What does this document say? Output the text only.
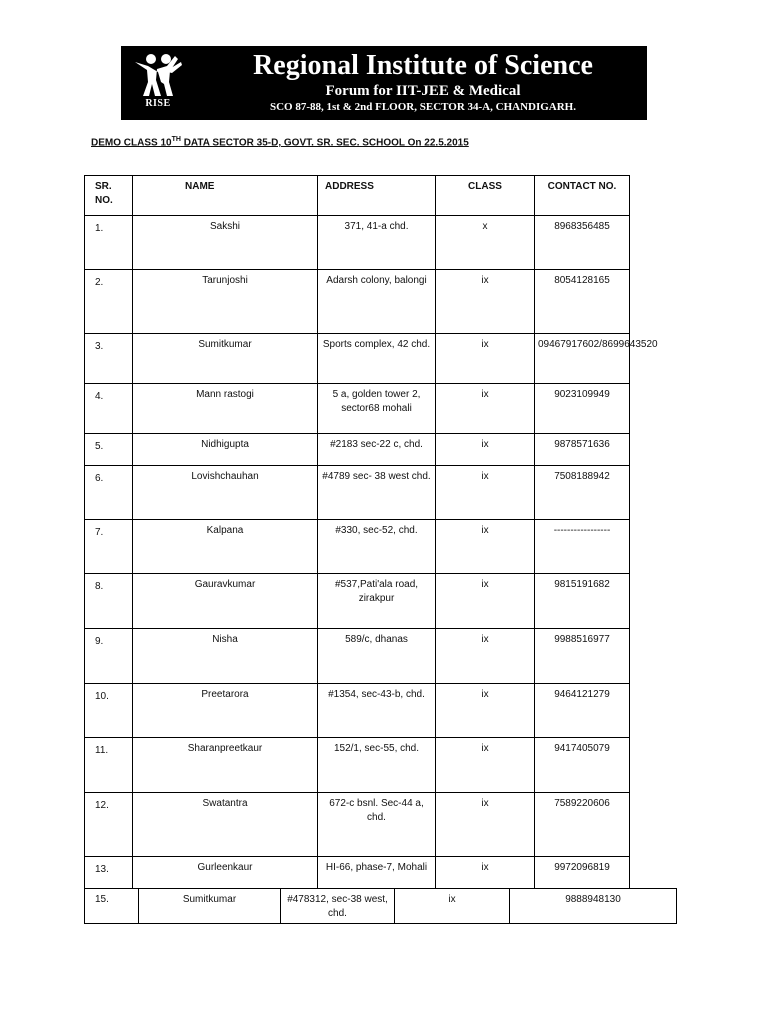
RISE
Regional Institute of Science
Forum for IIT-JEE & Medical
SCO 87-88, 1st & 2nd FLOOR, SECTOR 34-A, CHANDIGARH.
DEMO CLASS 10TH DATA SECTOR 35-D, GOVT. SR. SEC. SCHOOL On 22.5.2015
SR.
NO.	NAME	ADDRESS	CLASS	CONTACT NO.
1.	Sakshi	371, 41-a chd.	x	8968356485
2.	Tarunjoshi	Adarsh colony, balongi	ix	8054128165
3.	Sumitkumar	Sports complex, 42 chd.	ix	09467917602/8699643520
4.	Mann rastogi	5 a, golden tower 2, sector68 mohali	ix	9023109949
5.	Nidhigupta	#2183 sec-22 c, chd.	ix	9878571636
6.	Lovishchauhan	#4789 sec- 38 west chd.	ix	7508188942
7.	Kalpana	#330, sec-52, chd.	ix	-----------------
8.	Gauravkumar	#537,Pati'ala road, zirakpur	ix	9815191682
9.	Nisha	589/c, dhanas	ix	9988516977
10.	Preetarora	#1354, sec-43-b, chd.	ix	9464121279
11.	Sharanpreetkaur	152/1, sec-55, chd.	ix	9417405079
12.	Swatantra	672-c bsnl. Sec-44 a, chd.	ix	7589220606
13.	Gurleenkaur	HI-66, phase-7, Mohali	ix	9972096819
15.	Sumitkumar	#478312, sec-38 west, chd.	ix	9888948130
